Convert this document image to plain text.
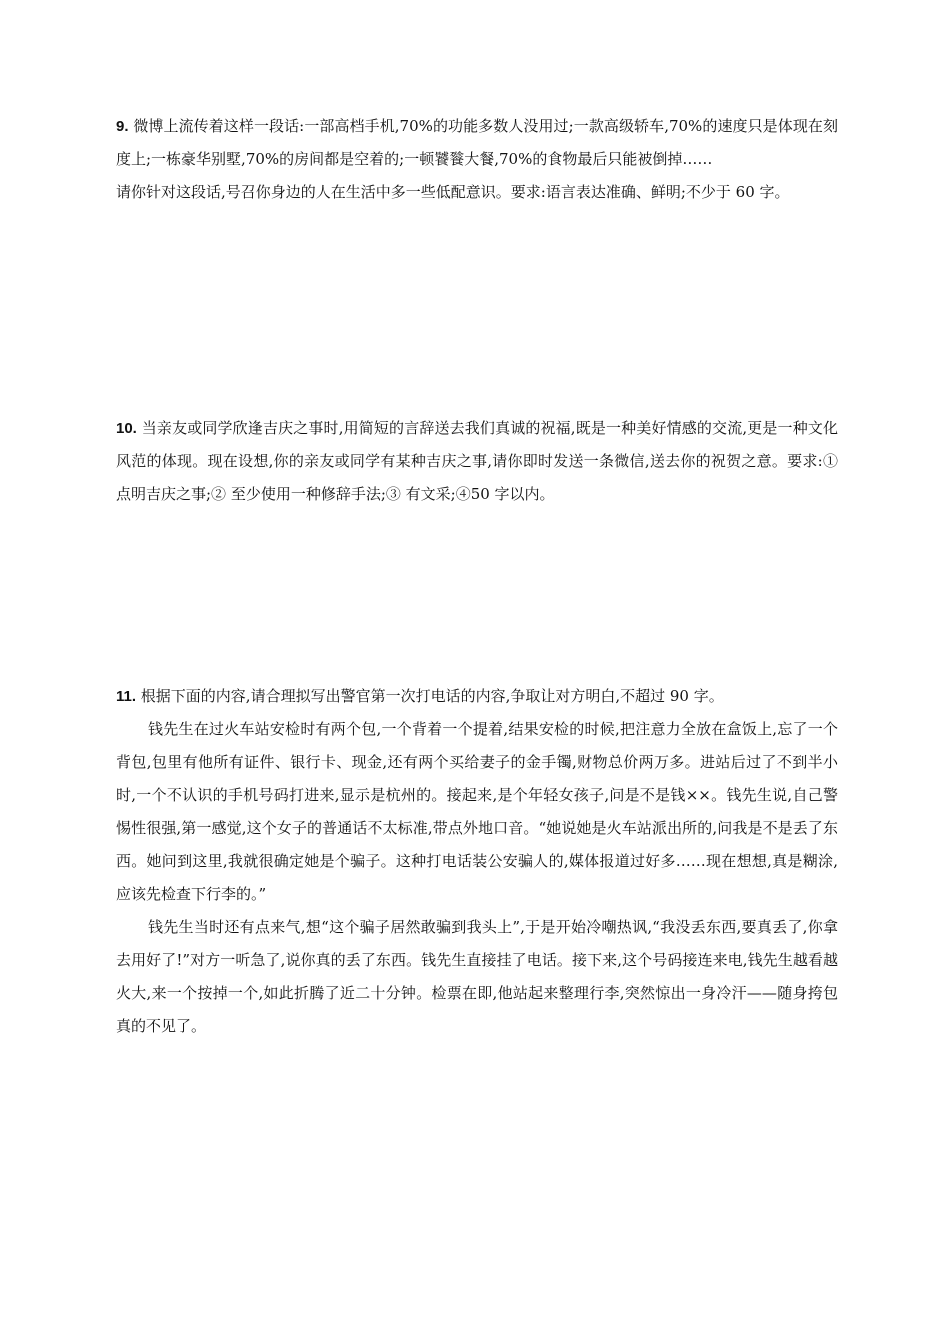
9. 微博上流传着这样一段话:一部高档手机,70%的功能多数人没用过;一款高级轿车,70%的速度只是体现在刻度上;一栋豪华别墅,70%的房间都是空着的;一顿饕餮大餐,70%的食物最后只能被倒掉……

请你针对这段话,号召你身边的人在生活中多一些低配意识。要求:语言表达准确、鲜明;不少于 60 字。

10. 当亲友或同学欣逢吉庆之事时,用简短的言辞送去我们真诚的祝福,既是一种美好情感的交流,更是一种文化风范的体现。现在设想,你的亲友或同学有某种吉庆之事,请你即时发送一条微信,送去你的祝贺之意。要求:① 点明吉庆之事;② 至少使用一种修辞手法;③ 有文采;④50 字以内。

11. 根据下面的内容,请合理拟写出警官第一次打电话的内容,争取让对方明白,不超过 90 字。

钱先生在过火车站安检时有两个包,一个背着一个提着,结果安检的时候,把注意力全放在盒饭上,忘了一个背包,包里有他所有证件、银行卡、现金,还有两个买给妻子的金手镯,财物总价两万多。进站后过了不到半小时,一个不认识的手机号码打进来,显示是杭州的。接起来,是个年轻女孩子,问是不是钱××。钱先生说,自己警惕性很强,第一感觉,这个女子的普通话不太标准,带点外地口音。“她说她是火车站派出所的,问我是不是丢了东西。她问到这里,我就很确定她是个骗子。这种打电话装公安骗人的,媒体报道过好多……现在想想,真是糊涂,应该先检查下行李的。”

钱先生当时还有点来气,想“这个骗子居然敢骗到我头上”,于是开始冷嘲热讽,“我没丢东西,要真丢了,你拿去用好了!”对方一听急了,说你真的丢了东西。钱先生直接挂了电话。接下来,这个号码接连来电,钱先生越看越火大,来一个按掉一个,如此折腾了近二十分钟。检票在即,他站起来整理行李,突然惊出一身冷汗——随身挎包真的不见了。
